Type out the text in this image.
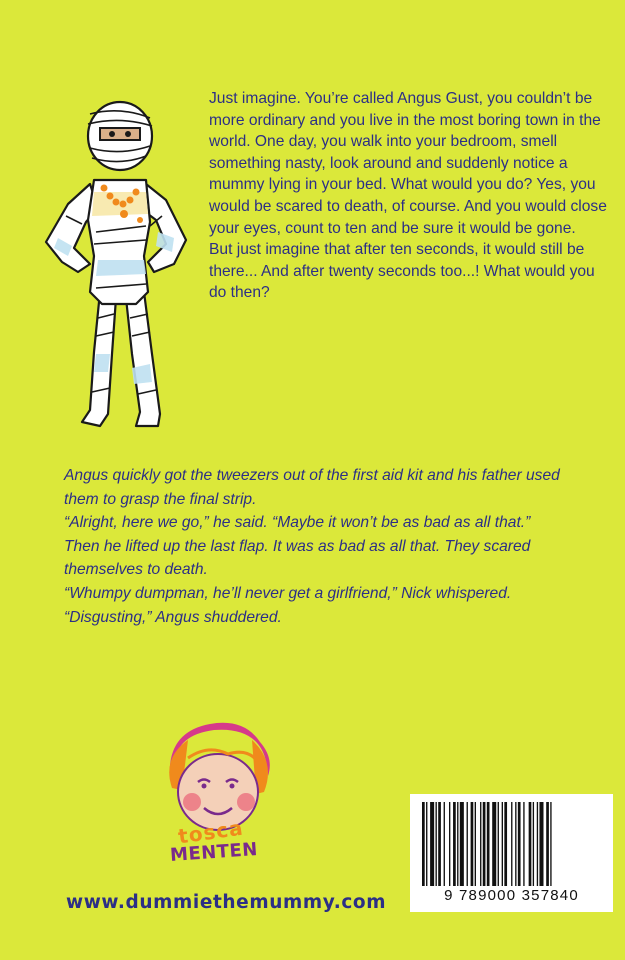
Just imagine. You’re called Angus Gust, you couldn’t be more ordinary and you live in the most boring town in the world. One day, you walk into your bedroom, smell something nasty, look around and suddenly notice a mummy lying in your bed. What would you do? Yes, you would be scared to death, of course. And you would close your eyes, count to ten and be sure it would be gone.

But just imagine that after ten seconds, it would still be there... And after twenty seconds too...! What would you do then?

Angus quickly got the tweezers out of the first aid kit and his father used them to grasp the final strip.

“Alright, here we go,” he said. “Maybe it won’t be as bad as all that.”

Then he lifted up the last flap. It was as bad as all that. They scared themselves to death.

“Whumpy dumpman, he’ll never get a girlfriend,” Nick whispered.

“Disgusting,” Angus shuddered.

tosca
MENTEN
www.dummiethemummy.com	9 789000 357840
